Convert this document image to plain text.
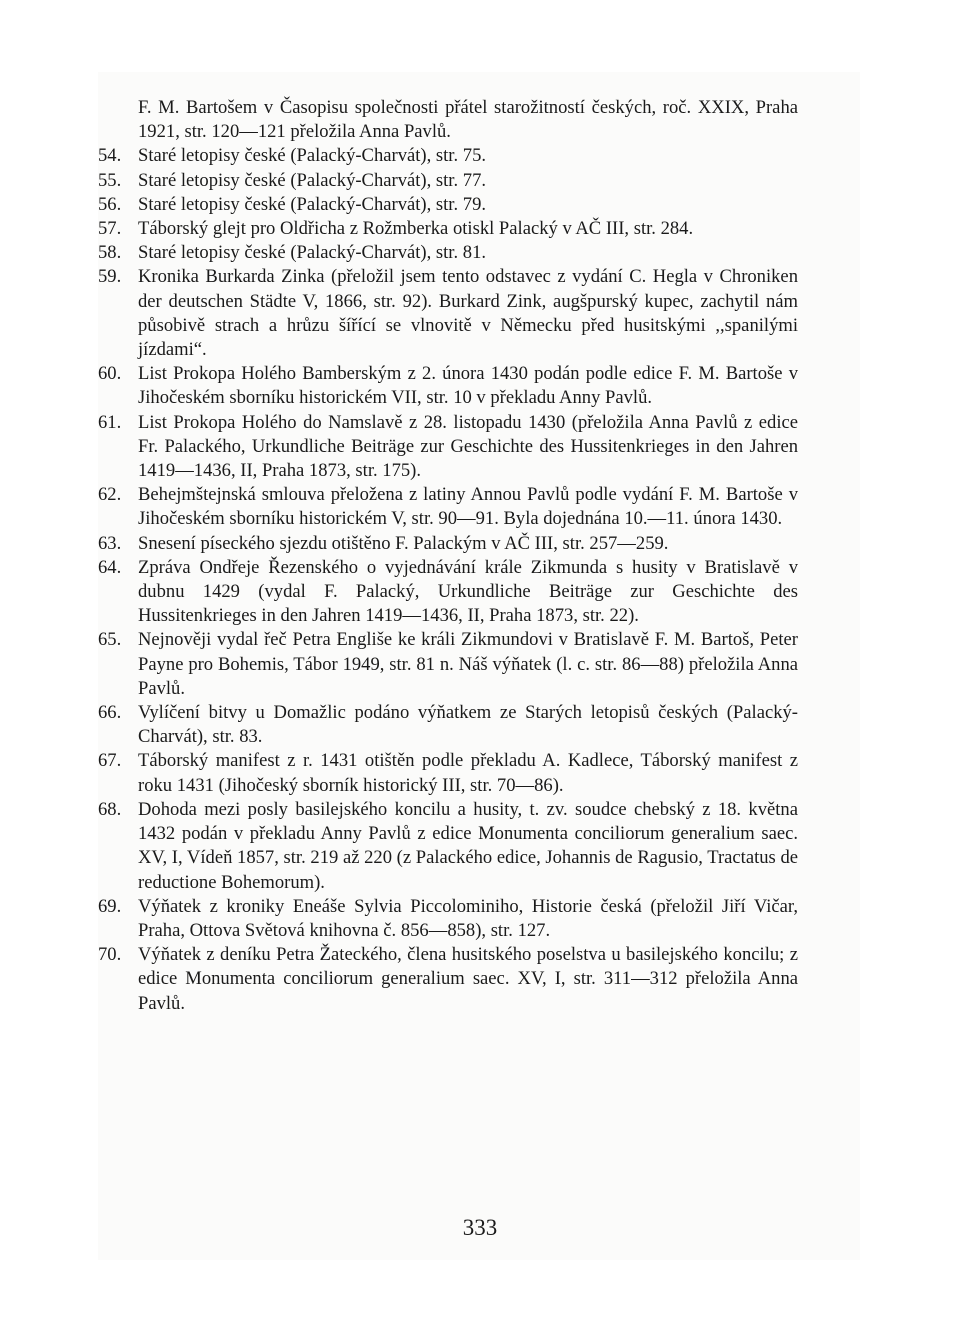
F. M. Bartošem v Časopisu společnosti přátel starožitností českých, roč. XXIX, Praha 1921, str. 120—121 přeložila Anna Pavlů.
54. Staré letopisy české (Palacký-Charvát), str. 75.
55. Staré letopisy české (Palacký-Charvát), str. 77.
56. Staré letopisy české (Palacký-Charvát), str. 79.
57. Táborský glejt pro Oldřicha z Rožmberka otiskl Palacký v AČ III, str. 284.
58. Staré letopisy české (Palacký-Charvát), str. 81.
59. Kronika Burkarda Zinka (přeložil jsem tento odstavec z vydání C. Hegla v Chroniken der deutschen Städte V, 1866, str. 92). Burkard Zink, augšpurský kupec, zachytil nám působivě strach a hrůzu šířící se vlnovitě v Německu před husitskými ,,spanilými jízdami“.
60. List Prokopa Holého Bamberským z 2. února 1430 podán podle edice F. M. Bartoše v Jihočeském sborníku historickém VII, str. 10 v překladu Anny Pavlů.
61. List Prokopa Holého do Namslavě z 28. listopadu 1430 (přeložila Anna Pavlů z edice Fr. Palackého, Urkundliche Beiträge zur Geschichte des Hussitenkrieges in den Jahren 1419—1436, II, Praha 1873, str. 175).
62. Behejmštejnská smlouva přeložena z latiny Annou Pavlů podle vydání F. M. Bartoše v Jihočeském sborníku historickém V, str. 90—91. Byla dojednána 10.—11. února 1430.
63. Snesení píseckého sjezdu otištěno F. Palackým v AČ III, str. 257—259.
64. Zpráva Ondřeje Řezenského o vyjednávání krále Zikmunda s husity v Bratislavě v dubnu 1429 (vydal F. Palacký, Urkundliche Beiträge zur Geschichte des Hussitenkrieges in den Jahren 1419—1436, II, Praha 1873, str. 22).
65. Nejnověji vydal řeč Petra Engliše ke králi Zikmundovi v Bratislavě F. M. Bartoš, Peter Payne pro Bohemis, Tábor 1949, str. 81 n. Náš výňatek (l. c. str. 86—88) přeložila Anna Pavlů.
66. Vylíčení bitvy u Domažlic podáno výňatkem ze Starých letopisů českých (Palacký-Charvát), str. 83.
67. Táborský manifest z r. 1431 otištěn podle překladu A. Kadlece, Táborský manifest z roku 1431 (Jihočeský sborník historický III, str. 70—86).
68. Dohoda mezi posly basilejského koncilu a husity, t. zv. soudce chebský z 18. května 1432 podán v překladu Anny Pavlů z edice Monumenta conciliorum generalium saec. XV, I, Vídeň 1857, str. 219 až 220 (z Palackého edice, Johannis de Ragusio, Tractatus de reductione Bohemorum).
69. Výňatek z kroniky Eneáše Sylvia Piccolominiho, Historie česká (přeložil Jiří Vičar, Praha, Ottova Světová knihovna č. 856—858), str. 127.
70. Výňatek z deníku Petra Žateckého, člena husitského poselstva u basilejského koncilu; z edice Monumenta conciliorum generalium saec. XV, I, str. 311—312 přeložila Anna Pavlů.
333
